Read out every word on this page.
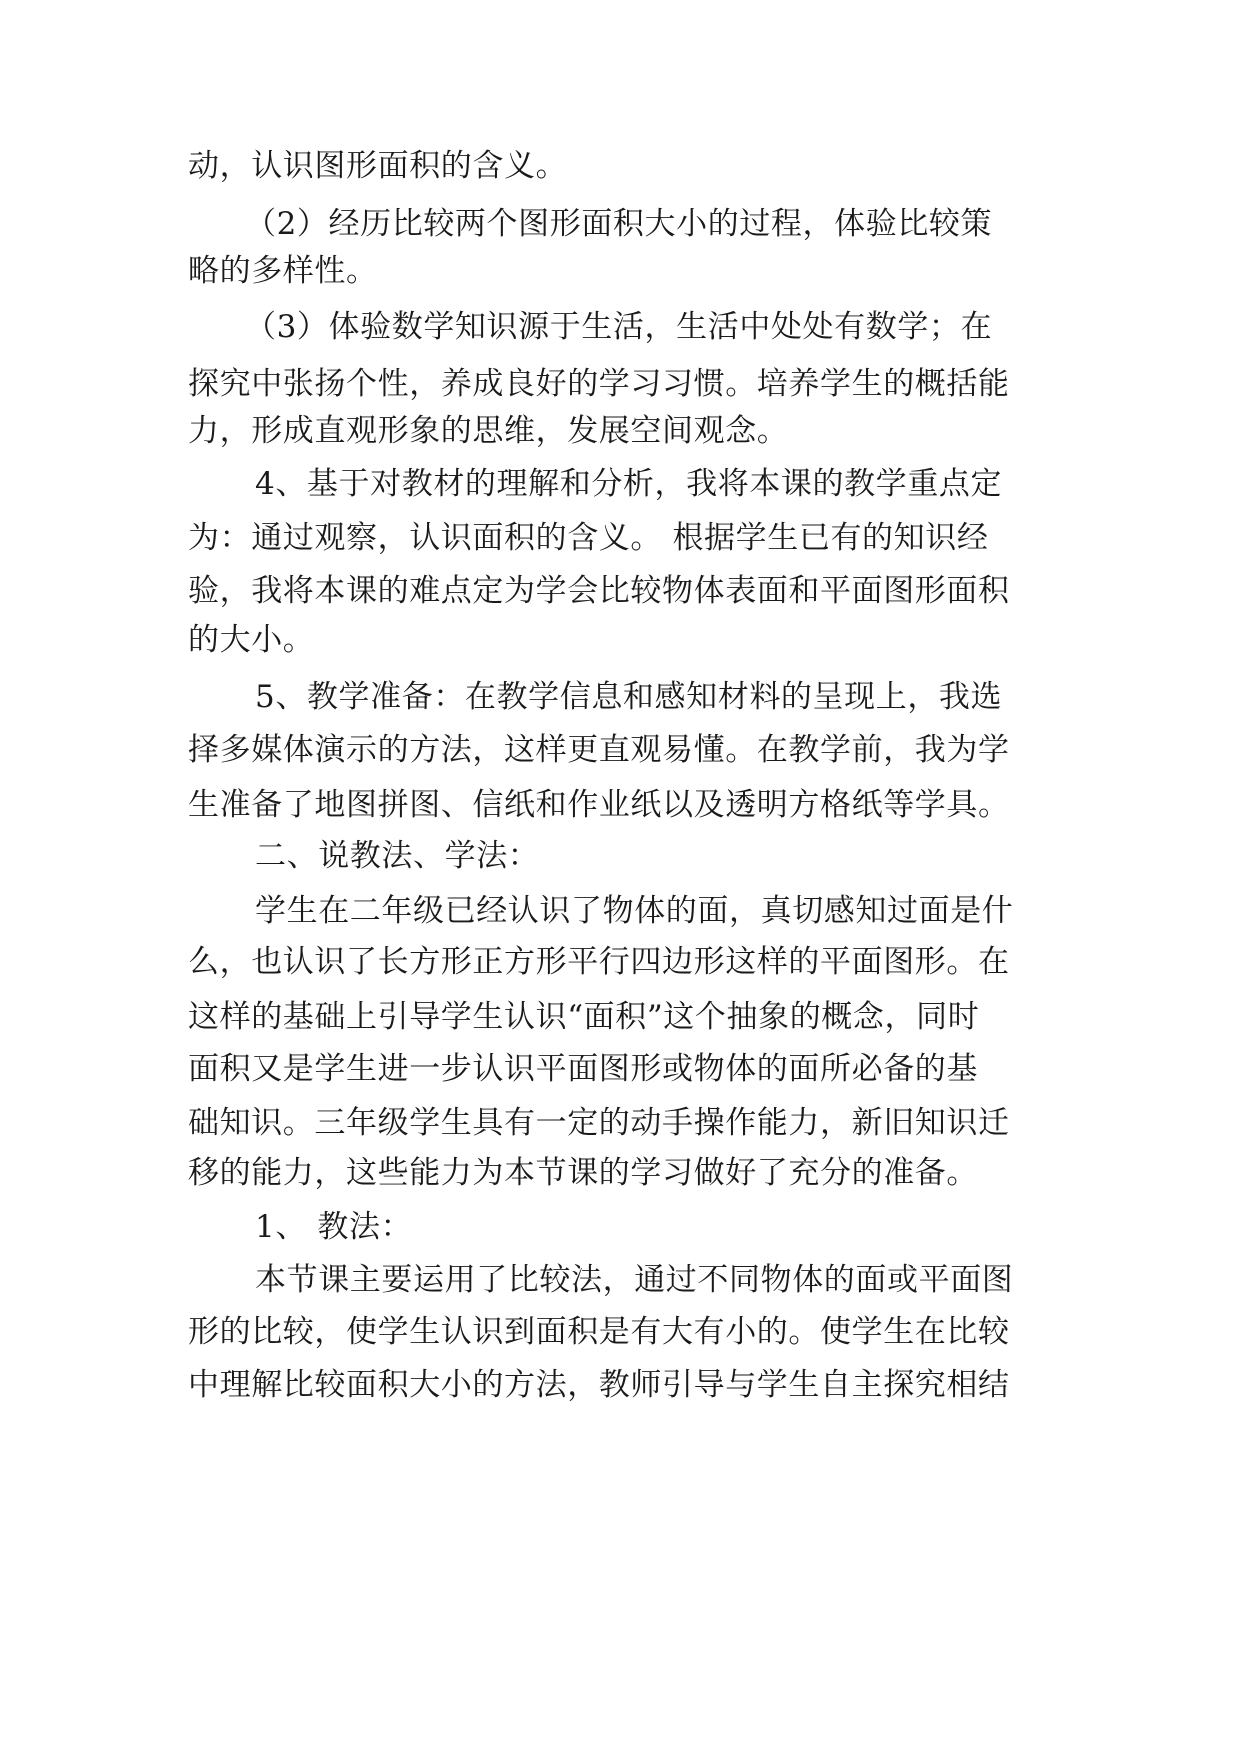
动，认识图形面积的含义。
（2）经历比较两个图形面积大小的过程，体验比较策
略的多样性。
（3）体验数学知识源于生活，生活中处处有数学；在
探究中张扬个性，养成良好的学习习惯。培养学生的概括能
力，形成直观形象的思维，发展空间观念。
4、基于对教材的理解和分析，我将本课的教学重点定
为：通过观察，认识面积的含义。 根据学生已有的知识经
验，我将本课的难点定为学会比较物体表面和平面图形面积
的大小。
5、教学准备：在教学信息和感知材料的呈现上，我选
择多媒体演示的方法，这样更直观易懂。在教学前，我为学
生准备了地图拼图、信纸和作业纸以及透明方格纸等学具。
二、说教法、学法：
学生在二年级已经认识了物体的面，真切感知过面是什
么，也认识了长方形正方形平行四边形这样的平面图形。在
这样的基础上引导学生认识“面积”这个抽象的概念，同时
面积又是学生进一步认识平面图形或物体的面所必备的基
础知识。三年级学生具有一定的动手操作能力，新旧知识迁
移的能力，这些能力为本节课的学习做好了充分的准备。
1、 教法：
本节课主要运用了比较法，通过不同物体的面或平面图
形的比较，使学生认识到面积是有大有小的。使学生在比较
中理解比较面积大小的方法，教师引导与学生自主探究相结
